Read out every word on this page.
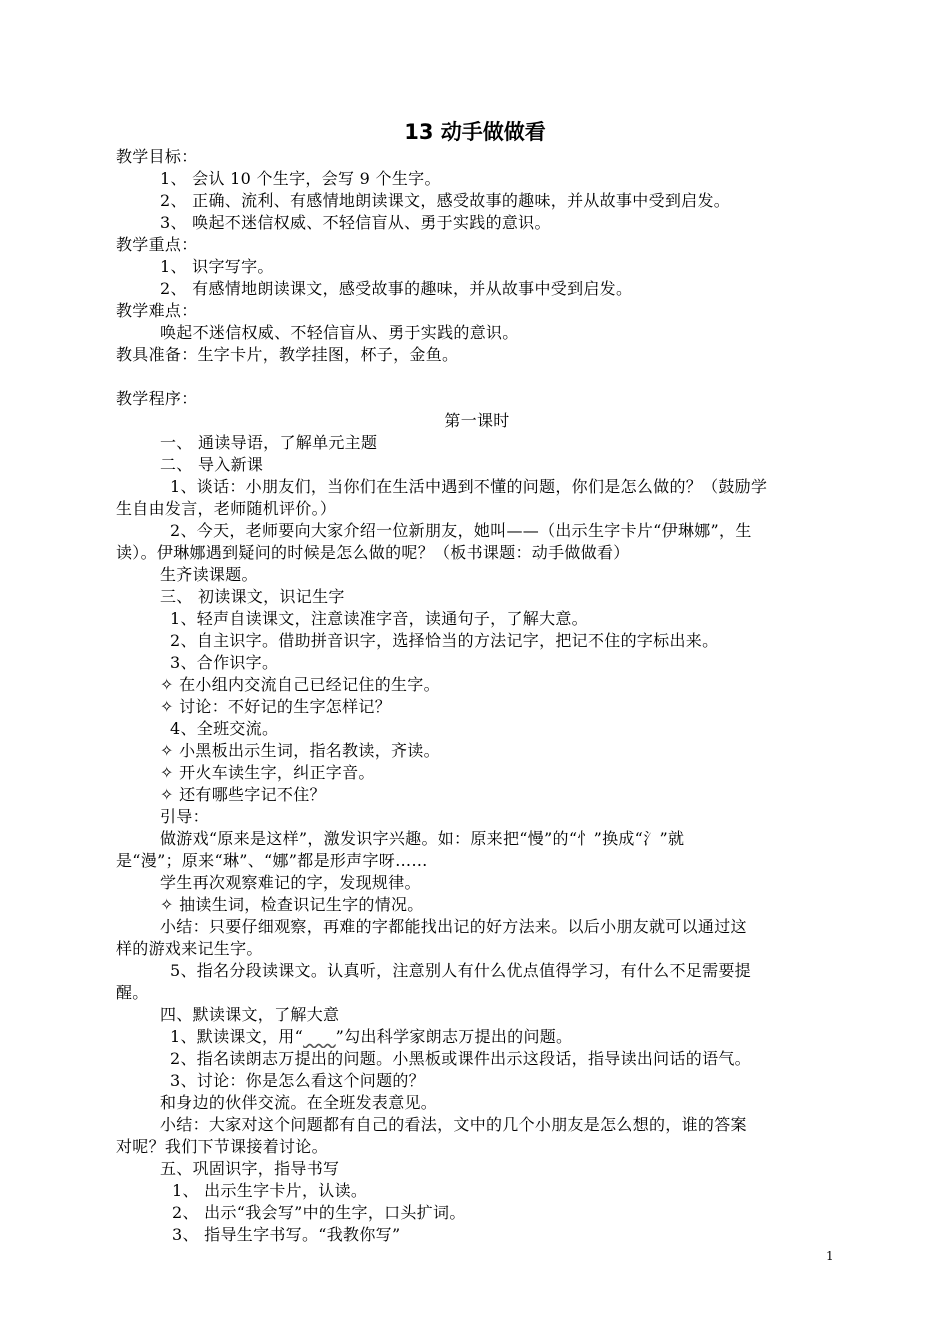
13 动手做做看
教学目标：
1、 会认 10 个生字，会写 9 个生字。
2、 正确、流利、有感情地朗读课文，感受故事的趣味，并从故事中受到启发。
3、 唤起不迷信权威、不轻信盲从、勇于实践的意识。
教学重点：
1、 识字写字。
2、 有感情地朗读课文，感受故事的趣味，并从故事中受到启发。
教学难点：
唤起不迷信权威、不轻信盲从、勇于实践的意识。
教具准备：生字卡片，教学挂图，杯子，金鱼。
教学程序：
第一课时
一、 通读导语，了解单元主题
二、 导入新课
1、谈话：小朋友们，当你们在生活中遇到不懂的问题，你们是怎么做的？（鼓励学
生自由发言，老师随机评价。）
2、今天，老师要向大家介绍一位新朋友，她叫——（出示生字卡片“伊琳娜”，生
读）。伊琳娜遇到疑问的时候是怎么做的呢？（板书课题：动手做做看）
生齐读课题。
三、 初读课文，识记生字
1、轻声自读课文，注意读准字音，读通句子，了解大意。
2、自主识字。借助拼音识字，选择恰当的方法记字，把记不住的字标出来。
3、合作识字。
✧ 在小组内交流自己已经记住的生字。
✧ 讨论：不好记的生字怎样记？
4、全班交流。
✧ 小黑板出示生词，指名教读，齐读。
✧ 开火车读生字，纠正字音。
✧ 还有哪些字记不住？
引导：
做游戏“原来是这样”，激发识字兴趣。如：原来把“慢”的“忄”换成“氵”就
是“漫”；原来“琳”、“娜”都是形声字呀……
学生再次观察难记的字，发现规律。
✧ 抽读生词，检查识记生字的情况。
小结：只要仔细观察，再难的字都能找出记的好方法来。以后小朋友就可以通过这
样的游戏来记生字。
5、指名分段读课文。认真听，注意别人有什么优点值得学习，有什么不足需要提
醒。
四、默读课文，了解大意
1、默读课文，用“　　 ”勾出科学家朗志万提出的问题。
2、指名读朗志万提出的问题。小黑板或课件出示这段话，指导读出问话的语气。
3、讨论：你是怎么看这个问题的？
和身边的伙伴交流。在全班发表意见。
小结：大家对这个问题都有自己的看法，文中的几个小朋友是怎么想的，谁的答案
对呢？我们下节课接着讨论。
五、巩固识字，指导书写
1、 出示生字卡片，认读。
2、 出示“我会写”中的生字，口头扩词。
3、 指导生字书写。“我教你写”
1
